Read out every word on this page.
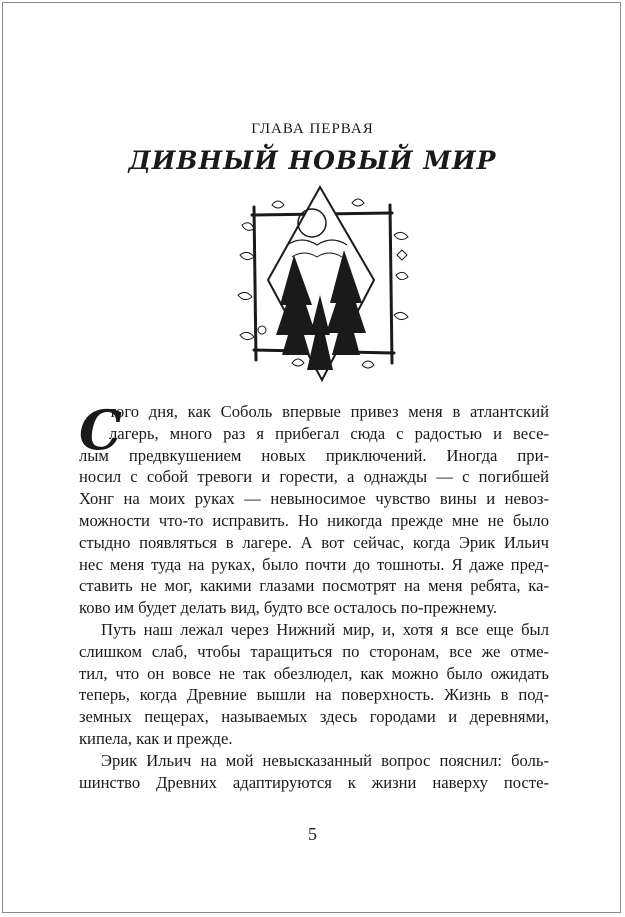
ГЛАВА ПЕРВАЯ
ДИВНЫЙ НОВЫЙ МИР
С
того дня, как Соболь впервые привез меня в атлантский
лагерь, много раз я прибегал сюда с радостью и весе-
лым предвкушением новых приключений. Иногда при-
носил с собой тревоги и горести, а однажды — с погибшей
Хонг на моих руках — невыносимое чувство вины и невоз-
можности что-то исправить. Но никогда прежде мне не было
стыдно появляться в лагере. А вот сейчас, когда Эрик Ильич
нес меня туда на руках, было почти до тошноты. Я даже пред-
ставить не мог, какими глазами посмотрят на меня ребята, ка-
ково им будет делать вид, будто все осталось по-прежнему.
Путь наш лежал через Нижний мир, и, хотя я все еще был
слишком слаб, чтобы таращиться по сторонам, все же отме-
тил, что он вовсе не так обезлюдел, как можно было ожидать
теперь, когда Древние вышли на поверхность. Жизнь в под-
земных пещерах, называемых здесь городами и деревнями,
кипела, как и прежде.
Эрик Ильич на мой невысказанный вопрос пояснил: боль-
шинство Древних адаптируются к жизни наверху посте-
5
